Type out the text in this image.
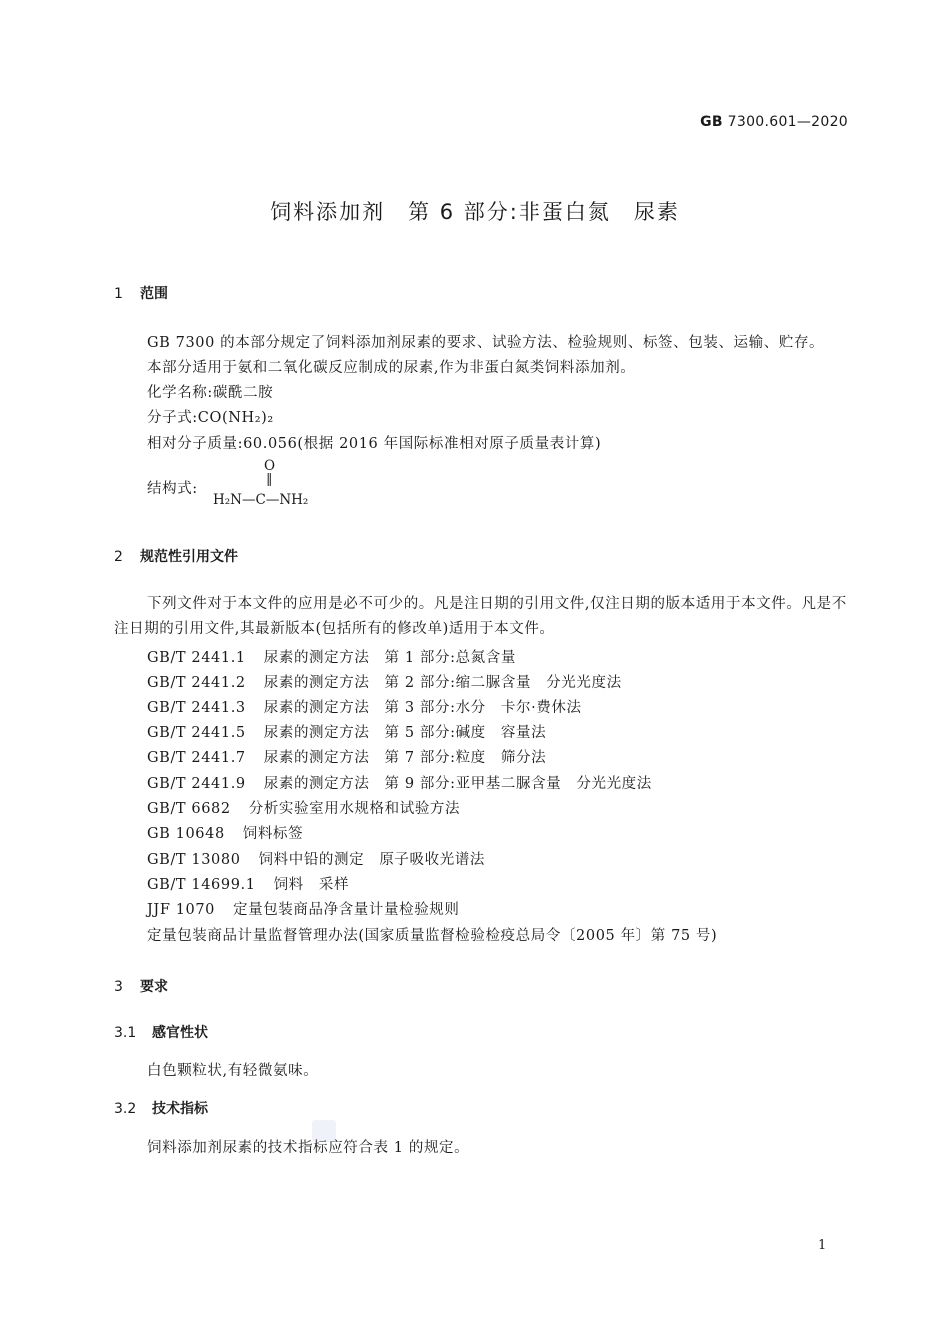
GB 7300.601—2020
饲料添加剂　第 6 部分:非蛋白氮　尿素
1 范围
GB 7300 的本部分规定了饲料添加剂尿素的要求、试验方法、检验规则、标签、包装、运输、贮存。
本部分适用于氨和二氧化碳反应制成的尿素,作为非蛋白氮类饲料添加剂。
化学名称:碳酰二胺
分子式:CO(NH₂)₂
相对分子质量:60.056(根据 2016 年国际标准相对原子质量表计算)
结构式:
O
‖
H₂N—C—NH₂
2 规范性引用文件
下列文件对于本文件的应用是必不可少的。凡是注日期的引用文件,仅注日期的版本适用于本文件。凡是不注日期的引用文件,其最新版本(包括所有的修改单)适用于本文件。
GB/T 2441.1 尿素的测定方法　第 1 部分:总氮含量
GB/T 2441.2 尿素的测定方法　第 2 部分:缩二脲含量　分光光度法
GB/T 2441.3 尿素的测定方法　第 3 部分:水分　卡尔·费休法
GB/T 2441.5 尿素的测定方法　第 5 部分:碱度　容量法
GB/T 2441.7 尿素的测定方法　第 7 部分:粒度　筛分法
GB/T 2441.9 尿素的测定方法　第 9 部分:亚甲基二脲含量　分光光度法
GB/T 6682 分析实验室用水规格和试验方法
GB 10648 饲料标签
GB/T 13080 饲料中铅的测定　原子吸收光谱法
GB/T 14699.1 饲料　采样
JJF 1070 定量包装商品净含量计量检验规则
定量包装商品计量监督管理办法(国家质量监督检验检疫总局令〔2005 年〕第 75 号)
3 要求
3.1 感官性状
白色颗粒状,有轻微氨味。
3.2 技术指标
饲料添加剂尿素的技术指标应符合表 1 的规定。
1
